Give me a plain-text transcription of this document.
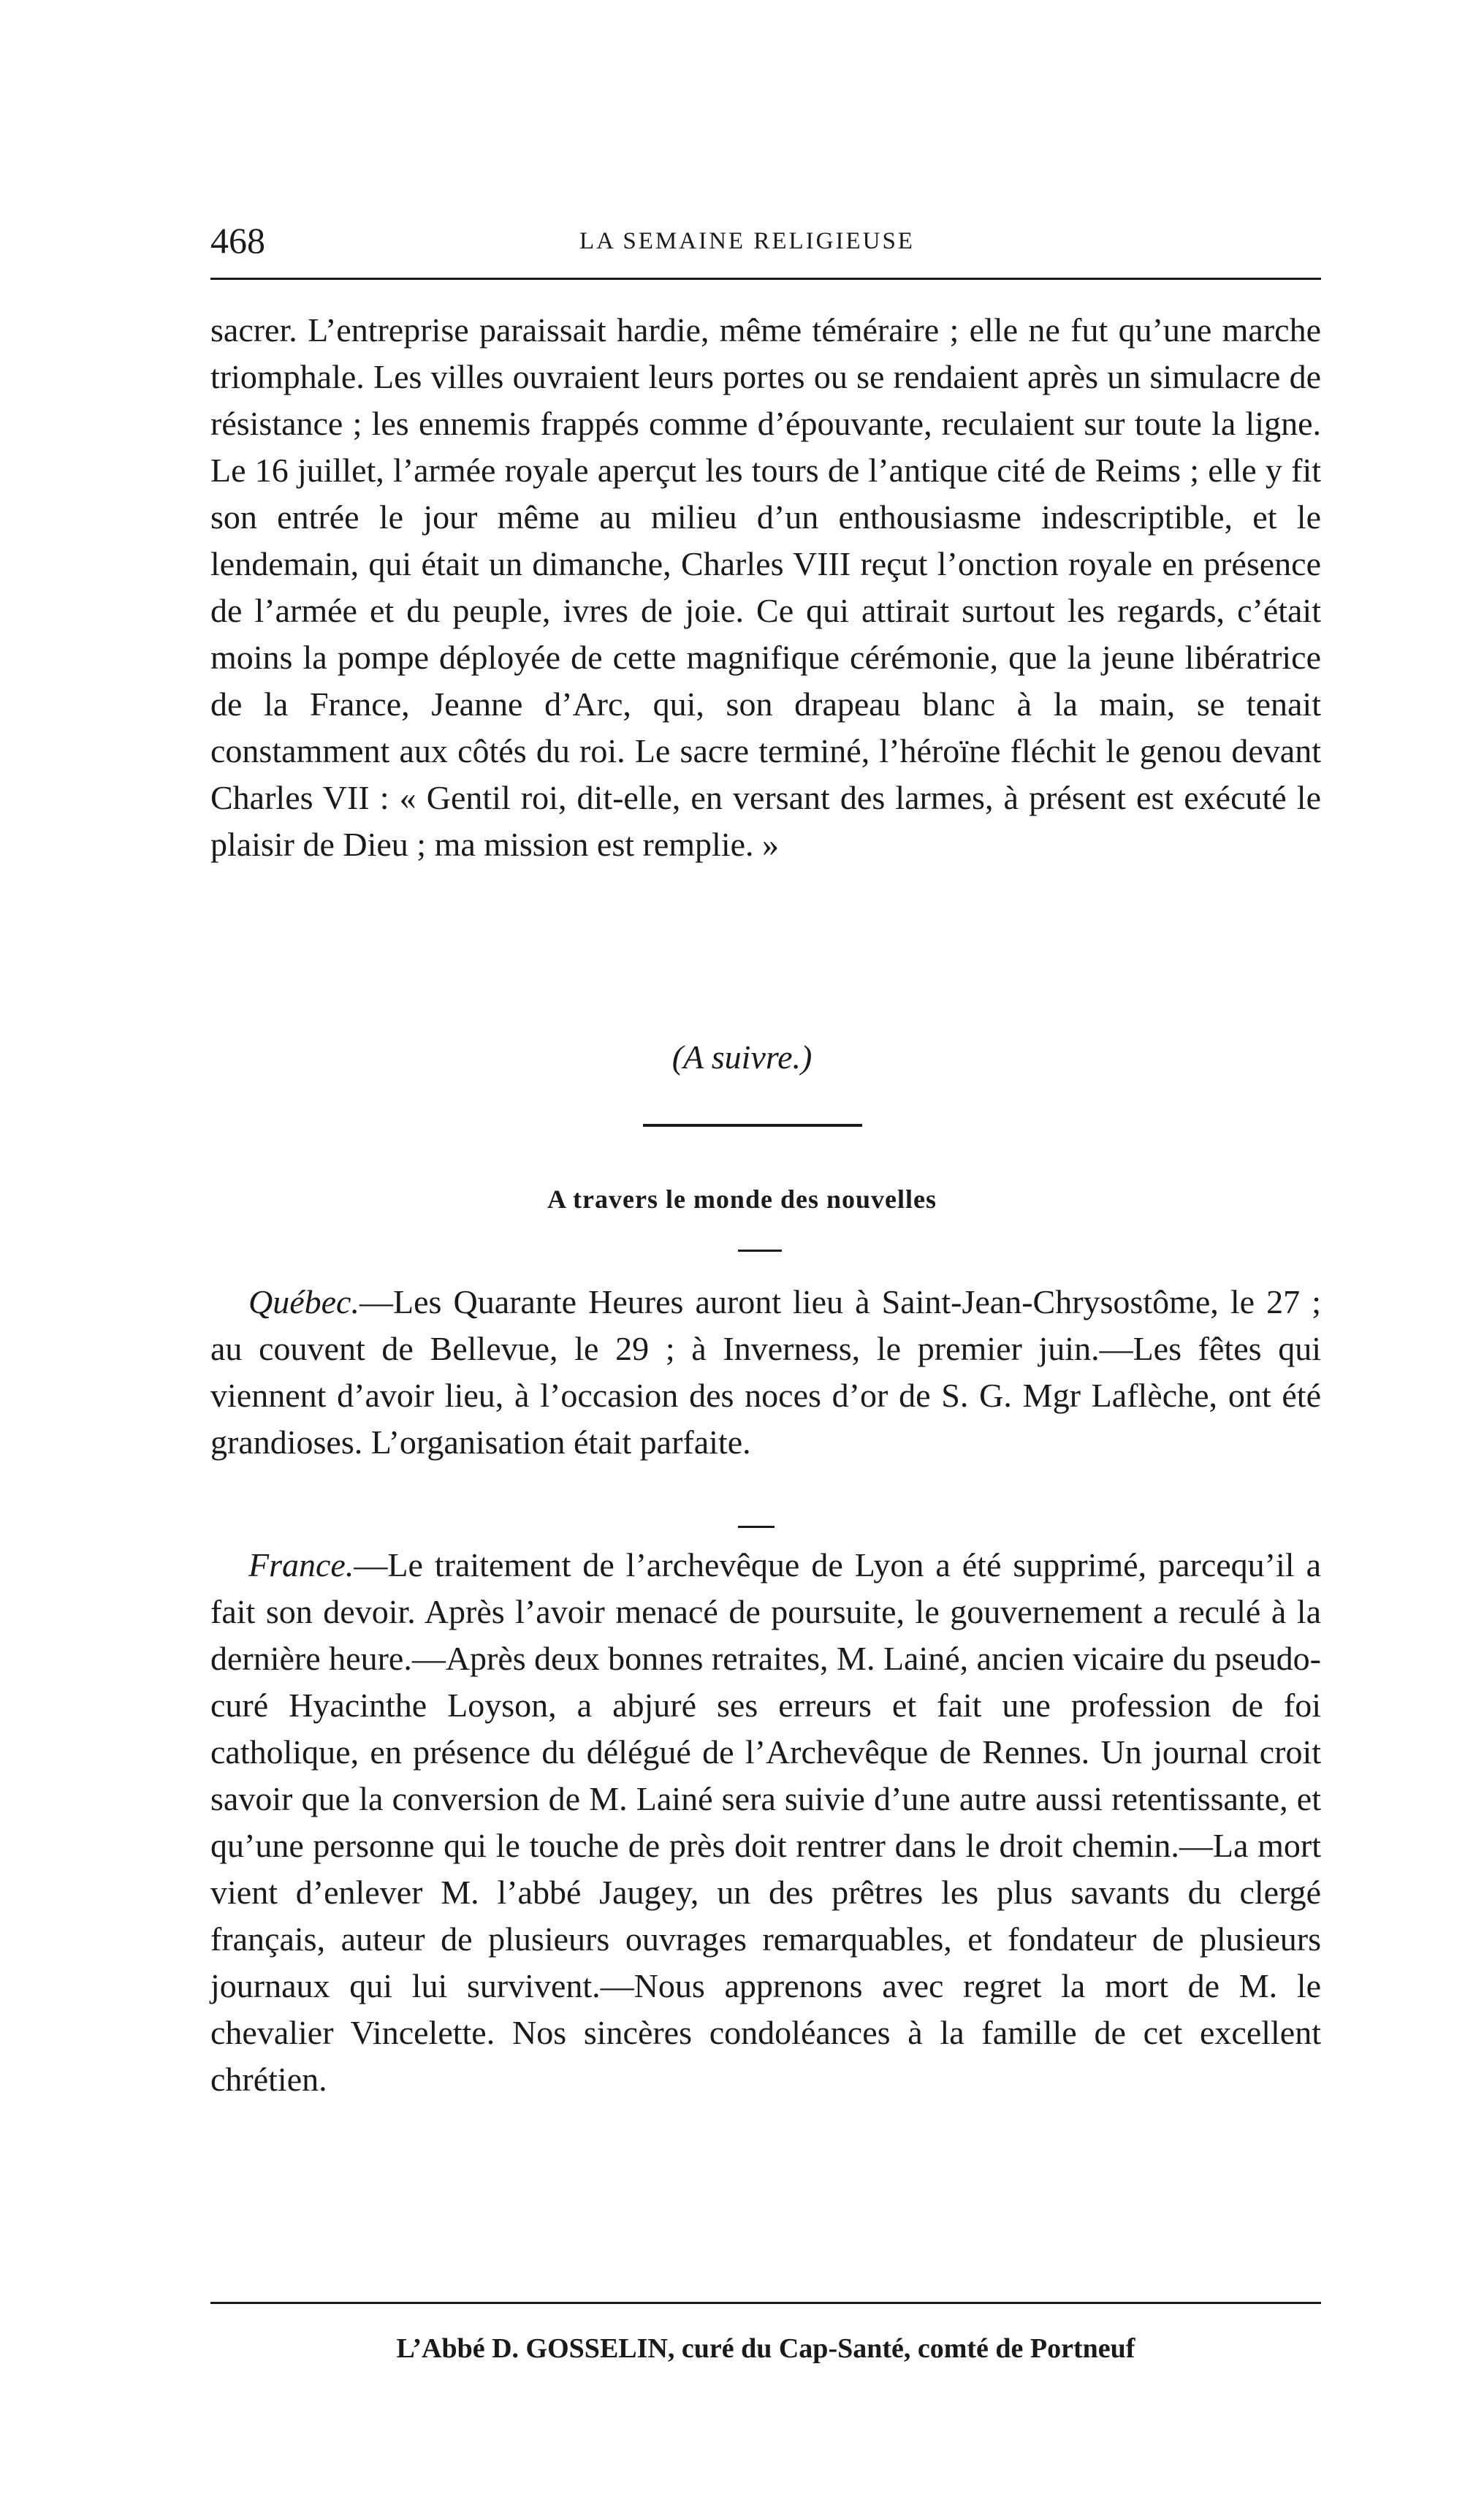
468	LA SEMAINE RELIGIEUSE

sacrer. L’entreprise paraissait hardie, même téméraire ; elle ne fut qu’une marche triomphale. Les villes ouvraient leurs portes ou se rendaient après un simulacre de résistance ; les ennemis frappés comme d’épouvante, reculaient sur toute la ligne. Le 16 juillet, l’armée royale aperçut les tours de l’antique cité de Reims ; elle y fit son entrée le jour même au milieu d’un enthousiasme indescriptible, et le lendemain, qui était un dimanche, Charles VIII reçut l’onction royale en présence de l’armée et du peuple, ivres de joie. Ce qui attirait surtout les regards, c’était moins la pompe déployée de cette magnifique cérémonie, que la jeune libératrice de la France, Jeanne d’Arc, qui, son drapeau blanc à la main, se tenait constamment aux côtés du roi. Le sacre terminé, l’héroïne fléchit le genou devant Charles VII : « Gentil roi, dit-elle, en versant des larmes, à présent est exécuté le plaisir de Dieu ; ma mission est remplie. »

(A suivre.)
A travers le monde des nouvelles

Québec.—Les Quarante Heures auront lieu à Saint-Jean-Chrysostôme, le 27 ; au couvent de Bellevue, le 29 ; à Inverness, le premier juin.—Les fêtes qui viennent d’avoir lieu, à l’occasion des noces d’or de S. G. Mgr Laflèche, ont été grandioses. L’organisation était parfaite.

France.—Le traitement de l’archevêque de Lyon a été supprimé, parcequ’il a fait son devoir. Après l’avoir menacé de poursuite, le gouvernement a reculé à la dernière heure.—Après deux bonnes retraites, M. Lainé, ancien vicaire du pseudo-curé Hyacinthe Loyson, a abjuré ses erreurs et fait une profession de foi catholique, en présence du délégué de l’Archevêque de Rennes. Un journal croit savoir que la conversion de M. Lainé sera suivie d’une autre aussi retentissante, et qu’une personne qui le touche de près doit rentrer dans le droit chemin.—La mort vient d’enlever M. l’abbé Jaugey, un des prêtres les plus savants du clergé français, auteur de plusieurs ouvrages remarquables, et fondateur de plusieurs journaux qui lui survivent.—Nous apprenons avec regret la mort de M. le chevalier Vincelette. Nos sincères condoléances à la famille de cet excellent chrétien.

L’Abbé D. GOSSELIN, curé du Cap-Santé, comté de Portneuf
